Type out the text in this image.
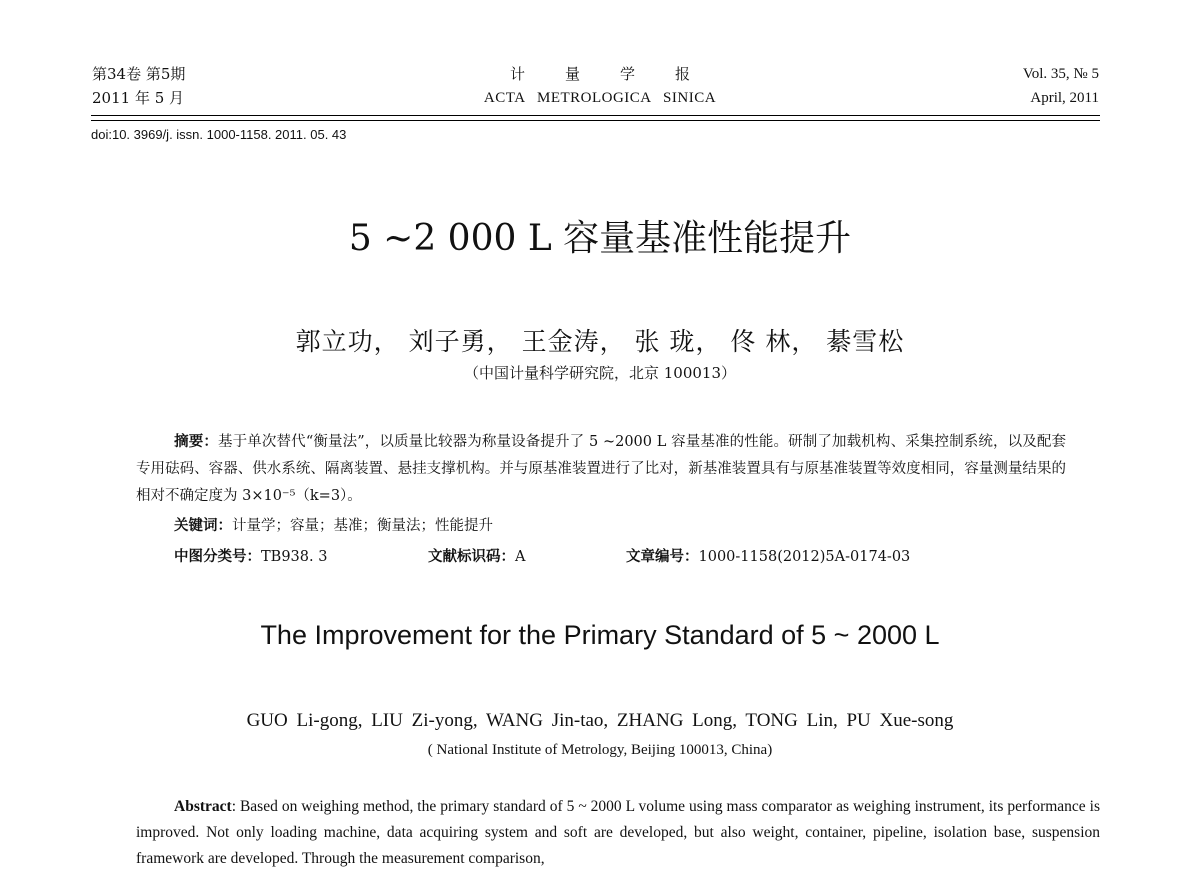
第34卷 第5期
2011 年 5 月
计量学报
ACTA METROLOGICA SINICA
Vol. 35, № 5
April, 2011
doi:10. 3969/j. issn. 1000-1158. 2011. 05. 43
5 ~2 000 L 容量基准性能提升
郭立功， 刘子勇， 王金涛， 张 珑， 佟 林， 綦雪松
（中国计量科学研究院，北京 100013）
摘要：基于单次替代“衡量法”，以质量比较器为称量设备提升了 5 ~2000 L 容量基准的性能。研制了加载机构、采集控制系统，以及配套专用砝码、容器、供水系统、隔离装置、悬挂支撑机构。并与原基准装置进行了比对，新基准装置具有与原基准装置等效度相同，容量测量结果的相对不确定度为 3×10⁻⁵（k=3）。
关键词：计量学；容量；基准；衡量法；性能提升
中图分类号：TB938. 3	文献标识码：A	文章编号：1000-1158(2012)5A-0174-03
The Improvement for the Primary Standard of 5 ~ 2000 L
GUO Li-gong, LIU Zi-yong, WANG Jin-tao, ZHANG Long, TONG Lin, PU Xue-song
( National Institute of Metrology, Beijing 100013, China)

Abstract: Based on weighing method, the primary standard of 5 ~ 2000 L volume using mass comparator as weighing instrument, its performance is improved. Not only loading machine, data acquiring system and soft are developed, but also weight, container, pipeline, isolation base, suspension framework are developed. Through the measurement comparison,
